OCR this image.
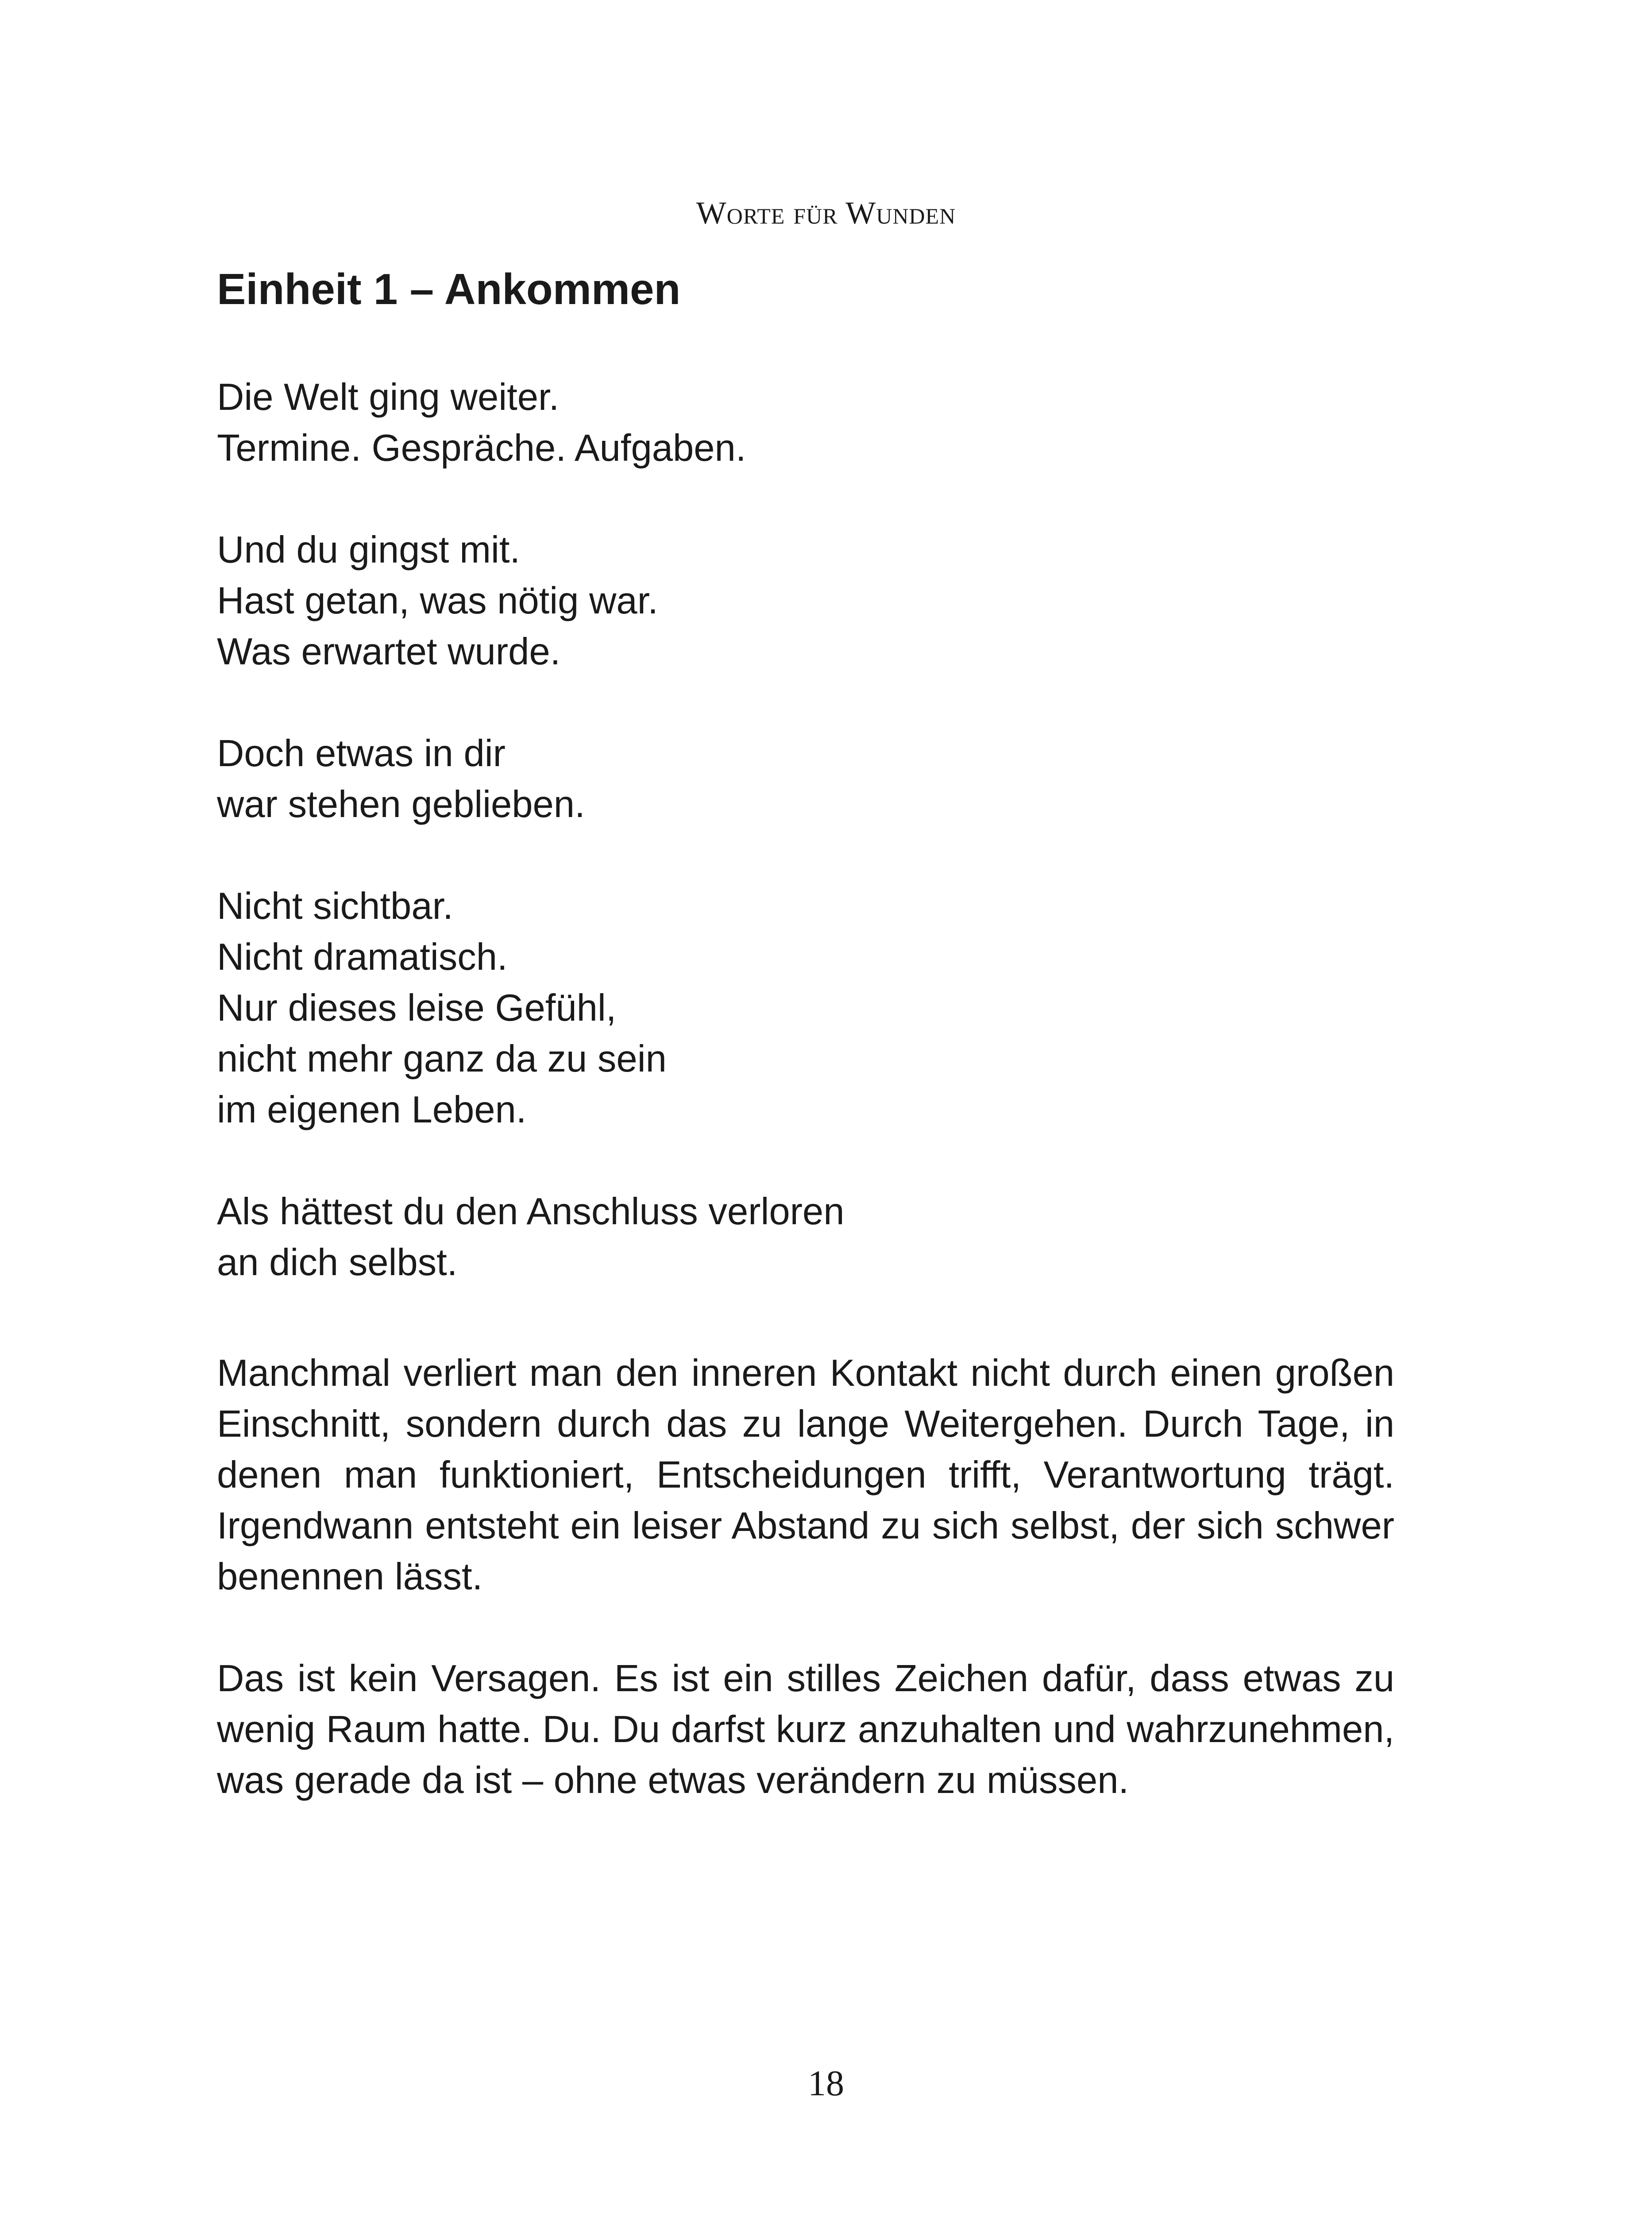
Worte für Wunden
Einheit 1 – Ankommen

Die Welt ging weiter.
Termine. Gespräche. Aufgaben.

Und du gingst mit.
Hast getan, was nötig war.
Was erwartet wurde.

Doch etwas in dir
war stehen geblieben.

Nicht sichtbar.
Nicht dramatisch.
Nur dieses leise Gefühl,
nicht mehr ganz da zu sein
im eigenen Leben.

Als hättest du den Anschluss verloren
an dich selbst.

Manchmal verliert man den inneren Kontakt nicht durch einen großen Einschnitt, sondern durch das zu lange Weitergehen. Durch Tage, in denen man funktioniert, Entscheidungen trifft, Verantwortung trägt. Irgendwann entsteht ein leiser Abstand zu sich selbst, der sich schwer benennen lässt.

Das ist kein Versagen. Es ist ein stilles Zeichen dafür, dass etwas zu wenig Raum hatte. Du. Du darfst kurz anzuhalten und wahrzunehmen, was gerade da ist – ohne etwas verändern zu müssen.

18
